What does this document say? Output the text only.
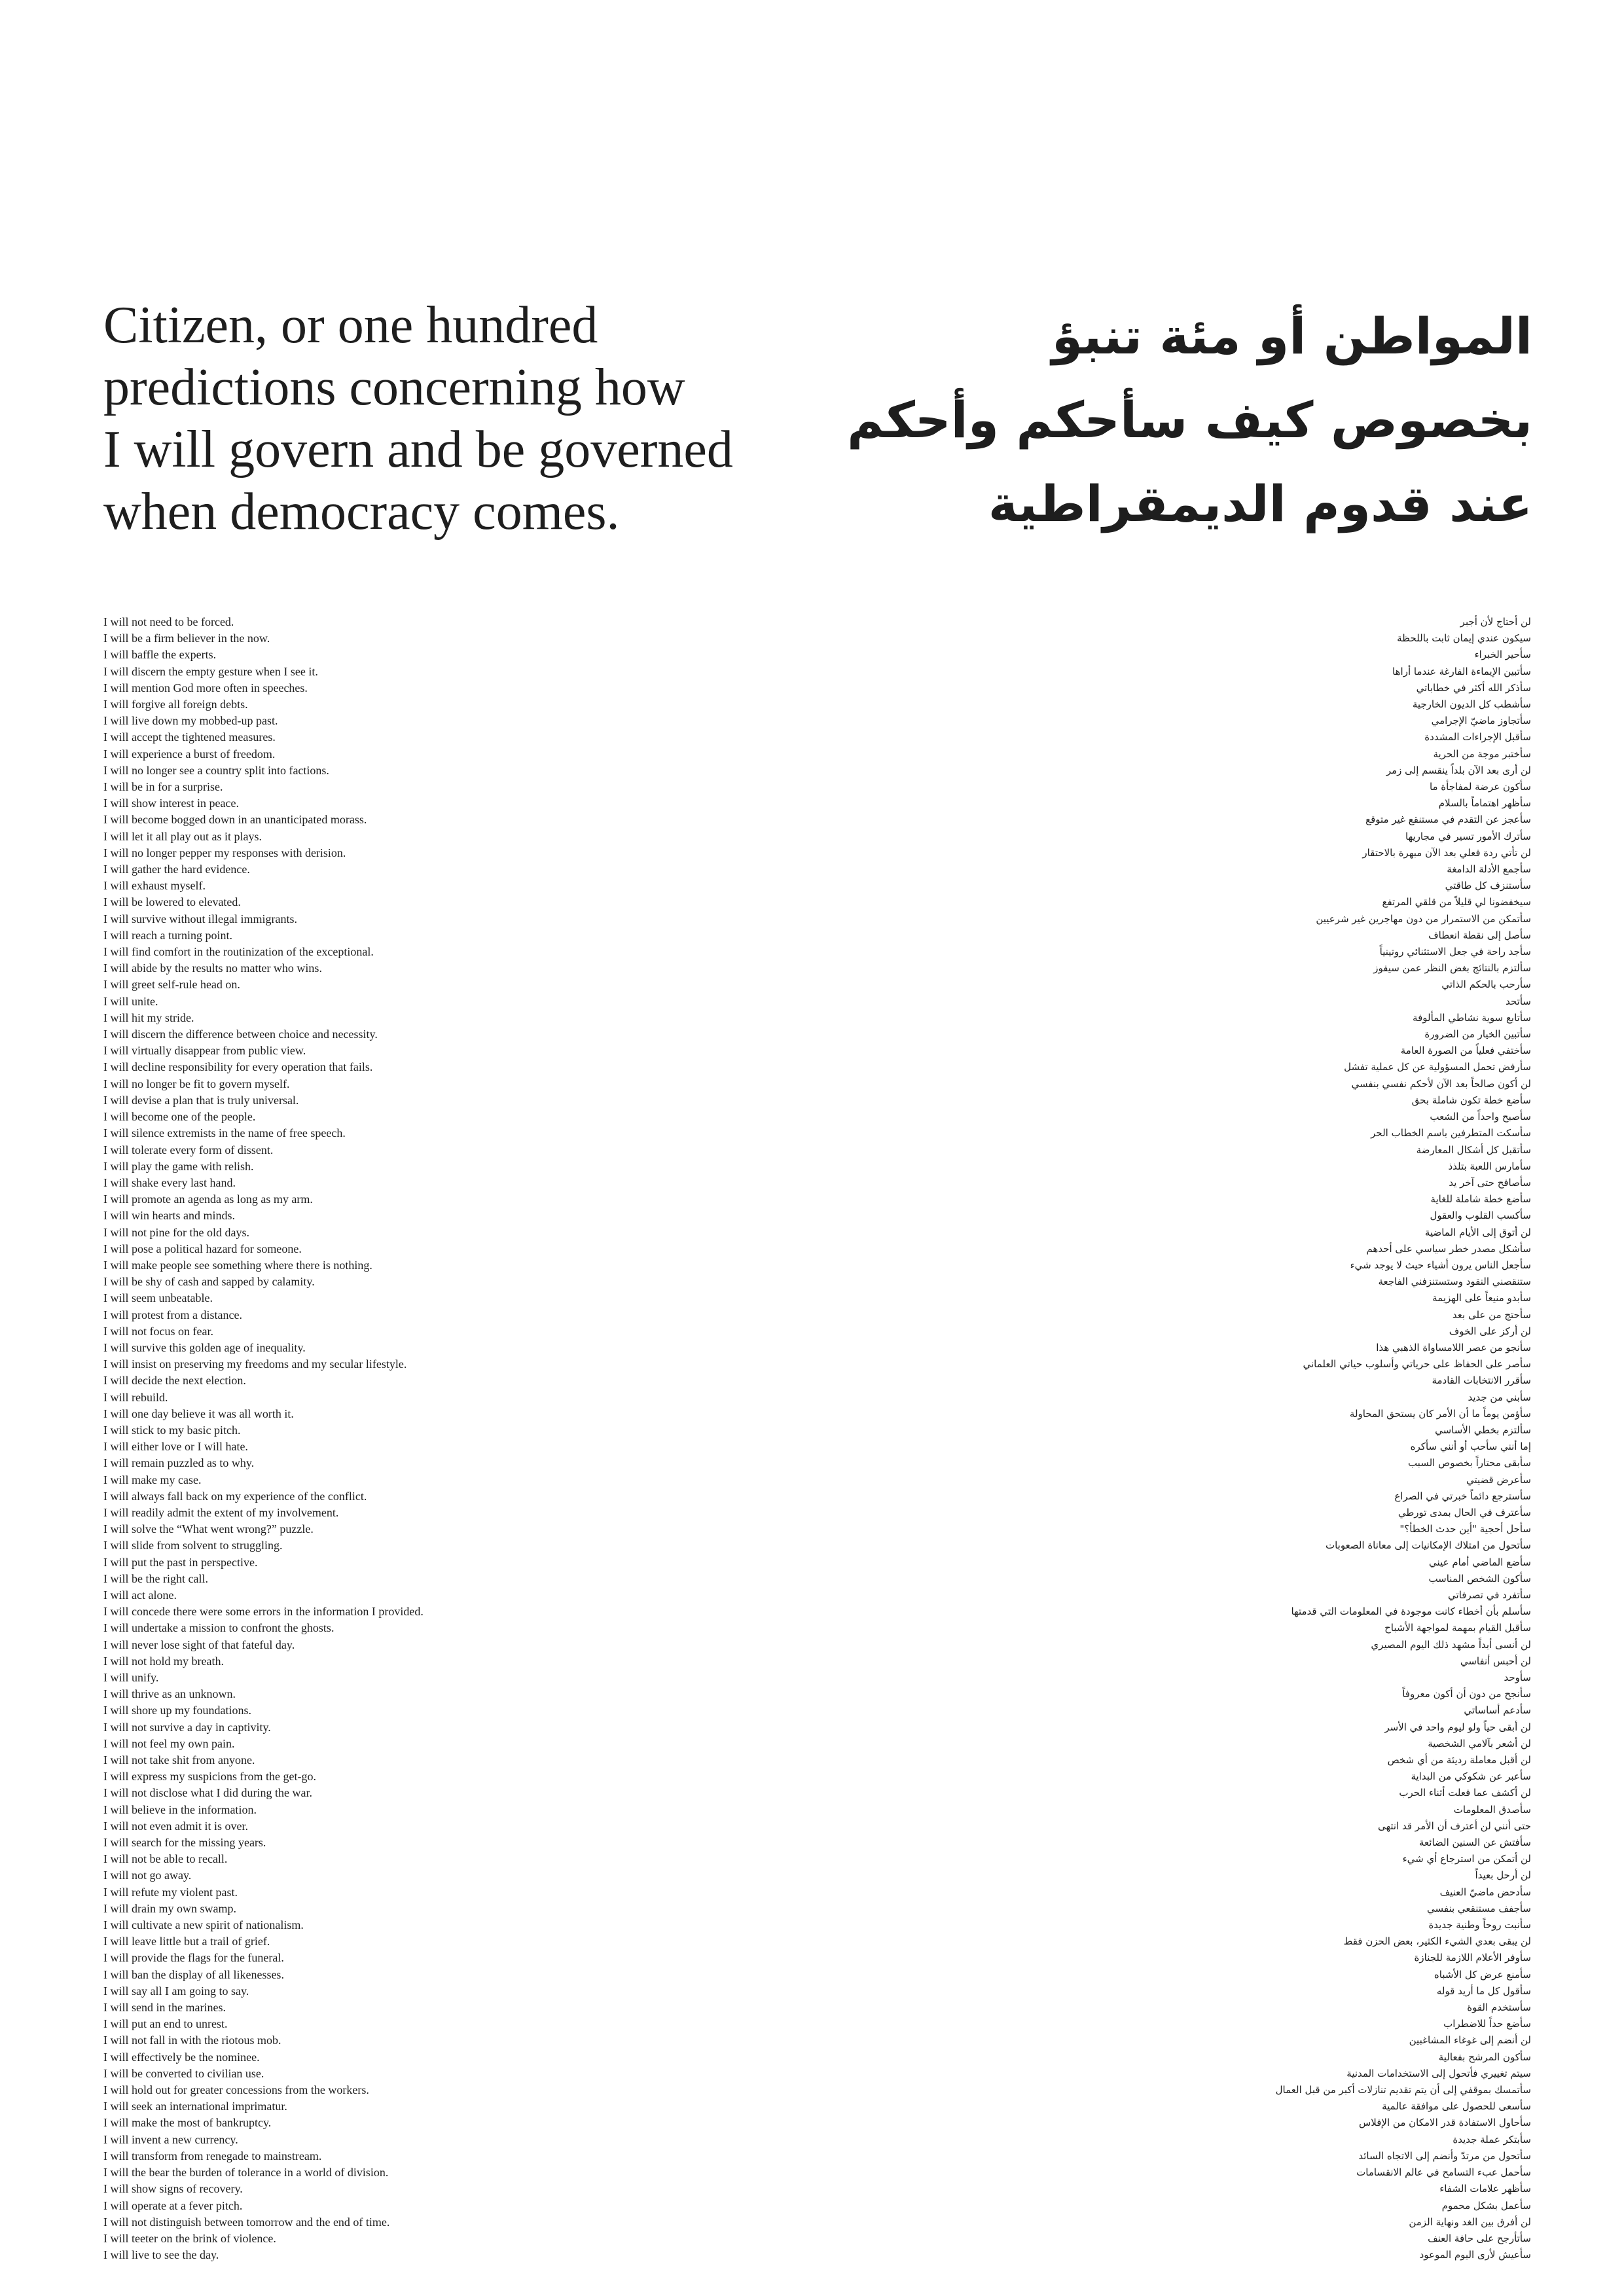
Citizen, or one hundred
predictions concerning how
I will govern and be governed
when democracy comes.
المواطن أو مئة تنبؤ
بخصوص كيف سأحكم وأحكم
عند قدوم الديمقراطية
I will not need to be forced.
I will be a firm believer in the now.
I will baffle the experts.
I will discern the empty gesture when I see it.
I will mention God more often in speeches.
I will forgive all foreign debts.
I will live down my mobbed-up past.
I will accept the tightened measures.
I will experience a burst of freedom.
I will no longer see a country split into factions.
I will be in for a surprise.
I will show interest in peace.
I will become bogged down in an unanticipated morass.
I will let it all play out as it plays.
I will no longer pepper my responses with derision.
I will gather the hard evidence.
I will exhaust myself.
I will be lowered to elevated.
I will survive without illegal immigrants.
I will reach a turning point.
I will find comfort in the routinization of the exceptional.
I will abide by the results no matter who wins.
I will greet self-rule head on.
I will unite.
I will hit my stride.
I will discern the difference between choice and necessity.
I will virtually disappear from public view.
I will decline responsibility for every operation that fails.
I will no longer be fit to govern myself.
I will devise a plan that is truly universal.
I will become one of the people.
I will silence extremists in the name of free speech.
I will tolerate every form of dissent.
I will play the game with relish.
I will shake every last hand.
I will promote an agenda as long as my arm.
I will win hearts and minds.
I will not pine for the old days.
I will pose a political hazard for someone.
I will make people see something where there is nothing.
I will be shy of cash and sapped by calamity.
I will seem unbeatable.
I will protest from a distance.
I will not focus on fear.
I will survive this golden age of inequality.
I will insist on preserving my freedoms and my secular lifestyle.
I will decide the next election.
I will rebuild.
I will one day believe it was all worth it.
I will stick to my basic pitch.
I will either love or I will hate.
I will remain puzzled as to why.
I will make my case.
I will always fall back on my experience of the conflict.
I will readily admit the extent of my involvement.
I will solve the “What went wrong?” puzzle.
I will slide from solvent to struggling.
I will put the past in perspective.
I will be the right call.
I will act alone.
I will concede there were some errors in the information I provided.
I will undertake a mission to confront the ghosts.
I will never lose sight of that fateful day.
I will not hold my breath.
I will unify.
I will thrive as an unknown.
I will shore up my foundations.
I will not survive a day in captivity.
I will not feel my own pain.
I will not take shit from anyone.
I will express my suspicions from the get-go.
I will not disclose what I did during the war.
I will believe in the information.
I will not even admit it is over.
I will search for the missing years.
I will not be able to recall.
I will not go away.
I will refute my violent past.
I will drain my own swamp.
I will cultivate a new spirit of nationalism.
I will leave little but a trail of grief.
I will provide the flags for the funeral.
I will ban the display of all likenesses.
I will say all I am going to say.
I will send in the marines.
I will put an end to unrest.
I will not fall in with the riotous mob.
I will effectively be the nominee.
I will be converted to civilian use.
I will hold out for greater concessions from the workers.
I will seek an international imprimatur.
I will make the most of bankruptcy.
I will invent a new currency.
I will transform from renegade to mainstream.
I will the bear the burden of tolerance in a world of division.
I will show signs of recovery.
I will operate at a fever pitch.
I will not distinguish between tomorrow and the end of time.
I will teeter on the brink of violence.
I will live to see the day.
لن أحتاج لأن أجبر
سيكون عندي إيمان ثابت باللحظة
سأحير الخبراء
سأتبين الإيماءة الفارغة عندما أراها
سأذكر الله أكثر في خطاباتي
سأشطب كل الديون الخارجية
سأتجاوز ماضيّ الإجرامي
سأقبل الإجراءات المشددة
سأختبر موجة من الحرية
لن أرى بعد الآن بلداً ينقسم إلى زمر
سأكون عرضة لمفاجأة ما
سأظهر اهتماماً بالسلام
سأعجز عن التقدم في مستنقع غير متوقع
سأترك الأمور تسير في مجاريها
لن تأتي ردة فعلي بعد الآن مبهرة بالاحتقار
سأجمع الأدلة الدامغة
سأستنزف كل طاقتي
سيخفضونا لي قليلاً من قلقي المرتفع
سأتمكن من الاستمرار من دون مهاجرين غير شرعيين
سأصل إلى نقطة انعطاف
سأجد راحة في جعل الاستثنائي روتينياً
سألتزم بالنتائج بغض النظر عمن سيفوز
سأرحب بالحكم الذاتي
سأتحد
سأتابع سوية نشاطي المألوفة
سأتبين الخيار من الضرورة
سأختفي فعلياً من الصورة العامة
سأرفض تحمل المسؤولية عن كل عملية تفشل
لن أكون صالحاً بعد الآن لأحكم نفسي بنفسي
سأضع خطة تكون شاملة بحق
سأصبح واحداً من الشعب
سأسكت المتطرفين باسم الخطاب الحر
سأتقبل كل أشكال المعارضة
سأمارس اللعبة بتلذذ
سأصافح حتى آخر يد
سأضع خطة شاملة للغاية
سأكسب القلوب والعقول
لن أتوق إلى الأيام الماضية
سأشكل مصدر خطر سياسي على أحدهم
سأجعل الناس يرون أشياء حيث لا يوجد شيء
ستنقصني النقود وستستنزفني الفاجعة
سأبدو منيعاً على الهزيمة
سأحتج من على بعد
لن أركز على الخوف
سأنجو من عصر اللامساواة الذهبي هذا
سأصر على الحفاظ على حرياتي وأسلوب حياتي العلماني
سأقرر الانتخابات القادمة
سأبني من جديد
سأؤمن يوماً ما أن الأمر كان يستحق المحاولة
سألتزم بخطي الأساسي
إما أنني سأحب أو أنني سأكره
سأبقى محتاراً بخصوص السبب
سأعرض قضيتي
سأسترجع دائماً خبرتي في الصراع
سأعترف في الحال بمدى تورطي
سأحل أحجية "أين حدث الخطأ؟"
سأتحول من امتلاك الإمكانيات إلى معاناة الصعوبات
سأضع الماضي أمام عيني
سأكون الشخص المناسب
سأتفرد في تصرفاتي
سأسلم بأن أخطاء كانت موجودة في المعلومات التي قدمتها
سأقبل القيام بمهمة لمواجهة الأشباح
لن أنسى أبداً مشهد ذلك اليوم المصيري
لن أحبس أنفاسي
سأوحد
سأنجح من دون أن أكون معروفاً
سأدعم أساساتي
لن أبقى حياً ولو ليوم واحد في الأسر
لن أشعر بآلامي الشخصية
لن أقبل معاملة رديئة من أي شخص
سأعبر عن شكوكي من البداية
لن أكشف عما فعلت أثناء الحرب
سأصدق المعلومات
حتى أنني لن أعترف أن الأمر قد انتهى
سأفتش عن السنين الضائعة
لن أتمكن من استرجاع أي شيء
لن أرحل بعيداً
سأدحض ماضيّ العنيف
سأجفف مستنقعي بنفسي
سأنبت روحاً وطنية جديدة
لن يبقى بعدي الشيء الكثير، بعض الحزن فقط
سأوفر الأعلام اللازمة للجنازة
سأمنع عرض كل الأشباه
سأقول كل ما أريد قوله
سأستخدم القوة
سأضع حداً للاضطراب
لن أنضم إلى غوغاء المشاغبين
سأكون المرشح بفعالية
سيتم تغييري فأتحول إلى الاستخدامات المدنية
سأتمسك بموقفي إلى أن يتم تقديم تنازلات أكبر من قبل العمال
سأسعى للحصول على موافقة عالمية
سأحاول الاستفادة قدر الامكان من الإفلاس
سأبتكر عملة جديدة
سأتحول من مرتدّ وأنضم إلى الاتجاه السائد
سأحمل عبء التسامح في عالم الانقسامات
سأظهر علامات الشفاء
سأعمل بشكل محموم
لن أفرق بين الغد ونهاية الزمن
سأتأرجح على حافة العنف
سأعيش لأرى اليوم الموعود
